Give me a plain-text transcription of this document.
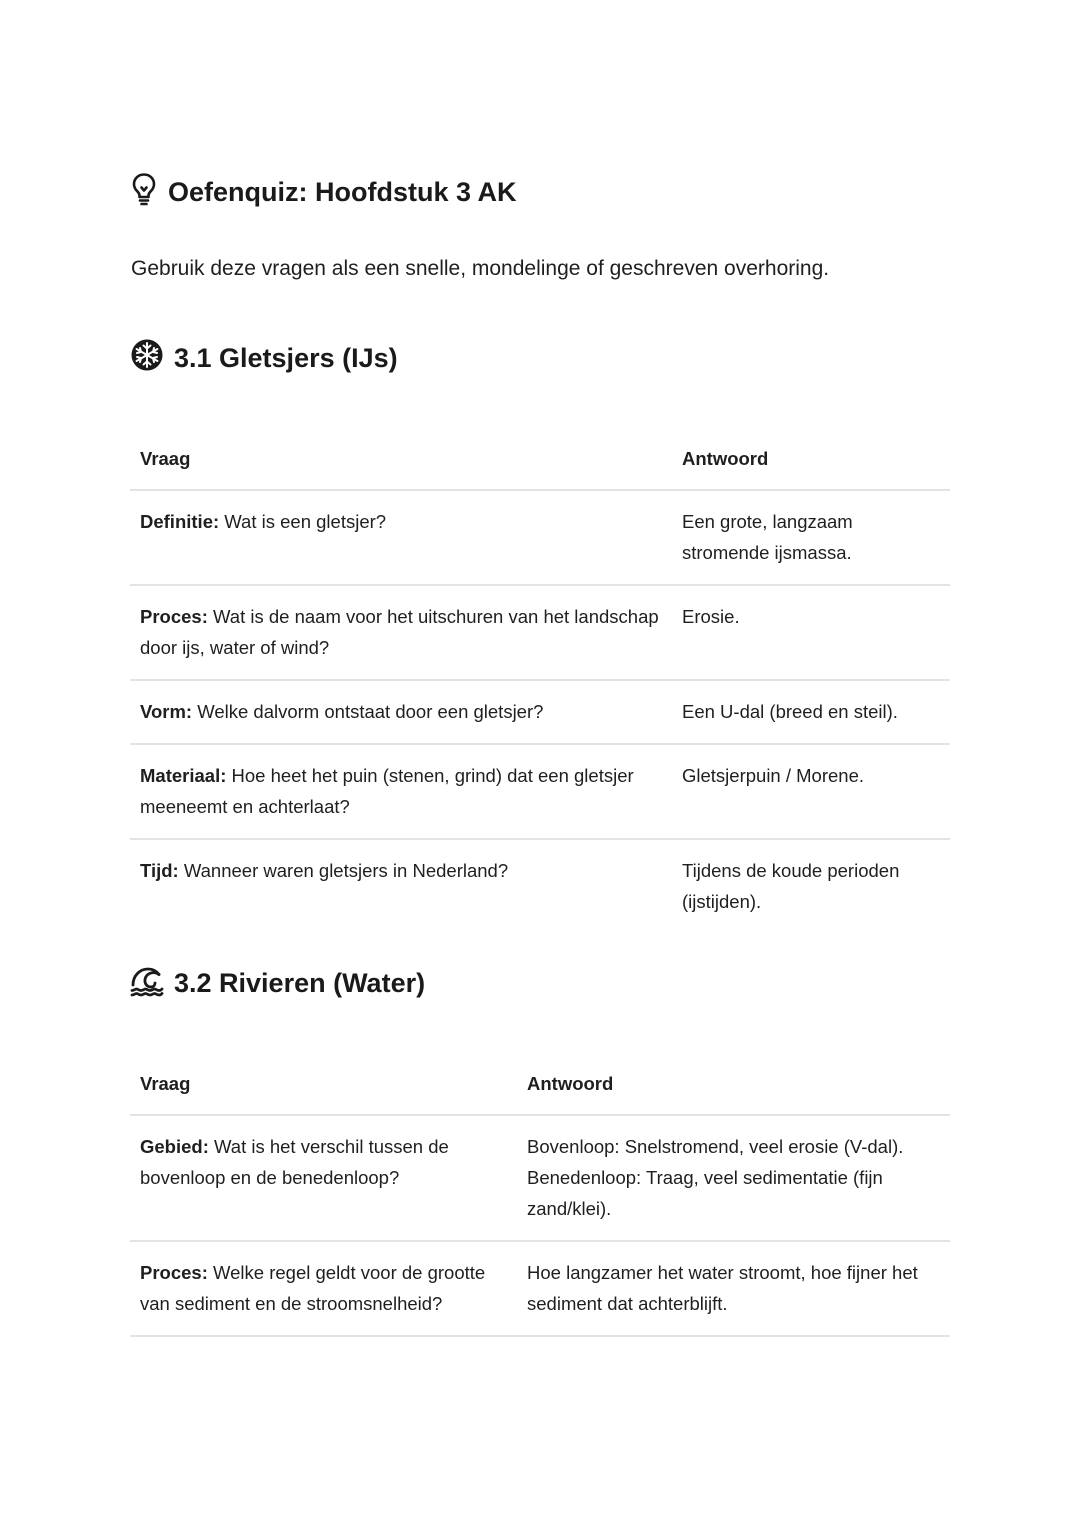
Oefenquiz: Hoofdstuk 3 AK
Gebruik deze vragen als een snelle, mondelinge of geschreven overhoring.
3.1 Gletsjers (IJs)
Vraag	Antwoord
Definitie: Wat is een gletsjer?	Een grote, langzaam stromende ijsmassa.
Proces: Wat is de naam voor het uitschuren van het landschap door ijs, water of wind?	Erosie.
Vorm: Welke dalvorm ontstaat door een gletsjer?	Een U-dal (breed en steil).
Materiaal: Hoe heet het puin (stenen, grind) dat een gletsjer meeneemt en achterlaat?	Gletsjerpuin / Morene.
Tijd: Wanneer waren gletsjers in Nederland?	Tijdens de koude perioden (ijstijden).
3.2 Rivieren (Water)
Vraag	Antwoord
Gebied: Wat is het verschil tussen de bovenloop en de benedenloop?	Bovenloop: Snelstromend, veel erosie (V-dal). Benedenloop: Traag, veel sedimentatie (fijn zand/klei).
Proces: Welke regel geldt voor de grootte van sediment en de stroomsnelheid?	Hoe langzamer het water stroomt, hoe fijner het sediment dat achterblijft.
